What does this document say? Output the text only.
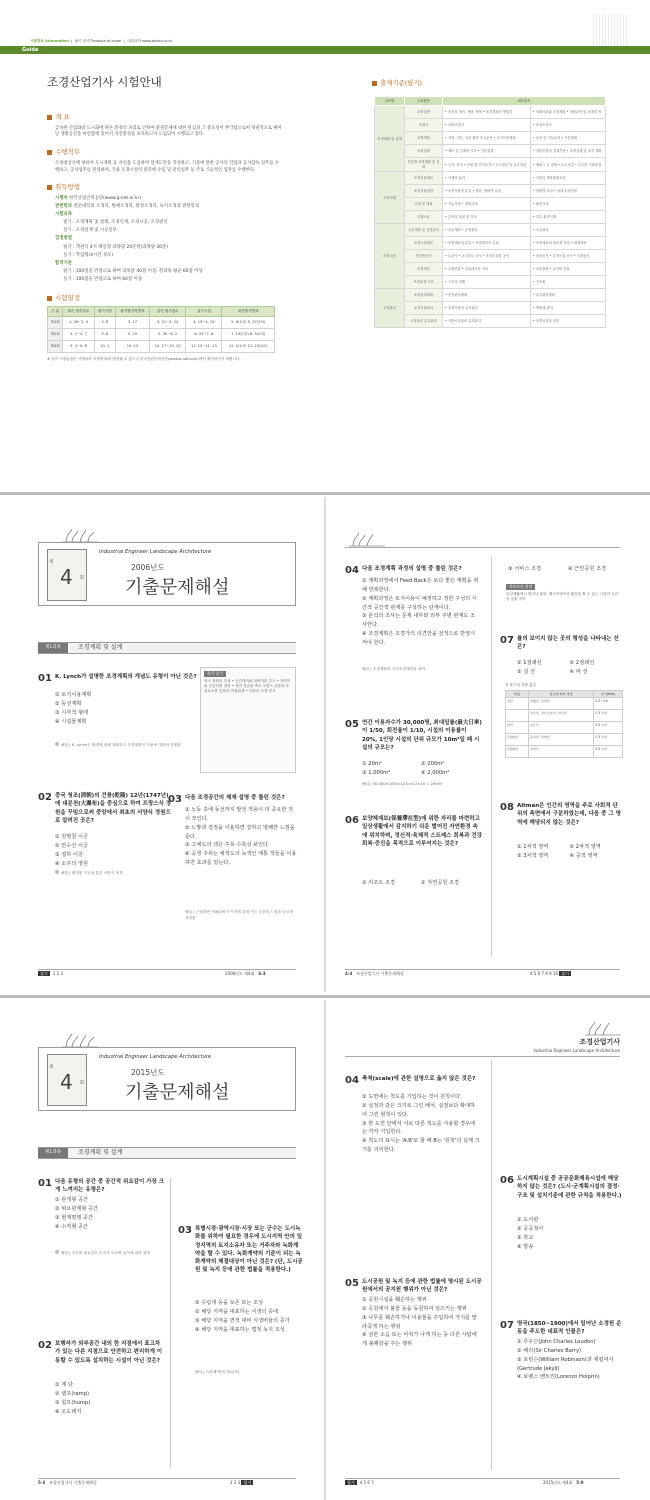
시험정보 Information  |  필기 준비 Tendoce of exam  |  내실의학 www.ebaky.co.kr
Guide
조경산업기사 시험안내
개 요
급속한 산업화와 도시화에 따른 환경의 파괴로 인하여 환경문제에 대한 관심과 그 중요성이 부각됨으로써 경관적으로 뛰어난 생활공간을 마련함에 있어서 자연환경을 보호하고자 도입되어 시행되고 있다.
수행직무
조경대상지에 대하여 도시계획 등 자연을 도입하며 설계도면을 작성하고, 식물에 관한 공사의 작업과 공사감독 업무를 수행하고, 공사업무를 관리하며, 각종 조경시설의 관리에 수립 및 관리업무 등 주로 기술적인 업무를 수행한다.
취득방법
시행처 한국산업인력공단(www.q-net.or.kr)
관련학과 전문대학의 조경학, 원예조경학, 환경조경학, 녹지조경과 관련학과
시험과목
필기 : 조경계획 및 설계, 조경식재, 조경시공, 조경관리
실기 : 조경설계 및 시공실무
검정방법
필기 : 객관식 4지 택일형 과목당 20문항(과목당 30분)
실기 : 작업형(4시간 정도)
합격기준
필기 : 100점을 만점으로 하여 과목당 40점 이상, 전과목 평균 60점 이상
실기 : 100점을 만점으로 하여 60점 이상
시험일정
구 분	필기 원서접수	필기시험	필기합격자발표	실기 원서접수	실기시험	최종합격발표
제1회	1. 28~2. 4	3. 6	3. 17	3. 21~3. 24	4. 19~4. 29	5. 6(1차) 5. 27(2차)
제2회	4. 1~4. 7	5. 8	5. 19	5. 30~6. 2	6. 25~7. 8	7. 15(1차) 8. 5(2차)
제4회	9. 2~9. 8	10. 1	10. 13	10. 17~10. 20	11. 12~11. 23	12. 2(1차) 12. 23(2차)
※ 상기 시험일정은 시행처의 사정에 따라 변경될 수 있으니 한국산업인력공단(www.q-net.or.kr)에서 확인하시기 바랍니다.
출제기준(필기)
과목명	주요항목	세부항목	
조경계획 및 설계	조경일반	• 조경의 정의, 개념, 영역 • 조경계획의 방법론	• 미래사회와 조경계획 • 정원분야 및 조경의 방
	조경사	• 서양조경사	• 동양조경사
	조경계획	• 자연, 인문, 사회 환경 조사분석 • 토지이용계획	• 동선 및 기능분석 • 기본계획
	조경설계	• 제도 및 설계의 기초 • 기본설계	• 경관조경의 설계기법 • 조경설계 및 조경 계획
	부문별 조경계획 및 설계	• 주거, 단지 • 공원 및 여가공간 • 도시경관 및 특수경관	• 캠퍼스 등 광장 • 도로조경 • 특수한 기타조경
조경식재	조경식물재료	• 식재의 효과	• 식물과 생육환경조건
	조경식물일반	• 조경식물의 분류 • 생리, 생태적 특성	• 형태적 특성 • 실내 조경식물
	식재 및 계획	• 기능식재 • 경관식재	• 환경식재
	식재시공	• 수목의 굴취 및 이식	• 특수 환경식재
조경시공	시공계획 및 공정관리	• 시공계획 • 공정관리	• 시공관리
	조경시설재료	• 조경재료의 분류 • 조경재료의 특성	• 조경재료의 물리적 성질 • 원예재료
	부문별공사	• 토공사 • 콘크리트 공사 • 조경시설물 공사	• 포장공사 • 수경시설 공사 • 식재공사
	조경적산	• 수량산출 • 일위대가표 작성	• 표준품셈 • 공사비 산출
	조경공정 구조	• 구조의 이해	• 구조물
조경관리	조경관리계획	• 운영관리계획	• 유지관리계획
	조경식물관리	• 조경식물의 유지관리	• 병충해 관리
	시설물의 유지관리	• 기반시설물의 유지관리	• 조경시설물 관리
제
4 회
Industrial Engineer Landscape Architecture
2006년도
기출문제해설
제1과목	조경계획 및 설계
01 K. Lynch가 설명한 조경계획의 개념도 유형이 아닌 것은?
① 토지이용계획
② 동선계획
③ 시각적 형태
④ 시설물계획
해설 | K. Lynch는 환경에 대해 계획하고 조경계획이 이용에 대하여 설명함
형식 알기
중국 정원의 특성 • 공간대비와 대비미를 추구 • 자연미와 인공미를 겸비 • 자연 경관을 축소 모방 • 건물과 조경요소를 통합한 비례관계 • 다양한 조경 양식
02 중국 청조(淸朝)의 건륭(乾隆) 12년(1747년)에 대분천(大瀑布)을 중심으로 하여 프랑스식 정원을 꾸밈으로써 중앙에서 최초의 서양식 정원으로 알려진 곳은?
① 원명원 이궁
② 만수산 이궁
③ 열하 이궁
④ 소주의 영원
해설 | 원명원 이궁을 통한 서양식 조경
03 다음 조경공간의 체제 설명 중 틀린 것은?
① 노동 측에 동선까지 발전 적용이 더 중요한 것이 모인다.
② 노랗과 검정을 이용하면 강하고 명쾌한 느낌을 준다.
③ 고채도의 색은 주목·수축성 보인다.
④ 공생 주위는 채색도의 녹색인 계통 색들을 이용하면 효과를 얻는다.
해설 | 근접하면 색채대비가 커지게 되며 이는 공간의 느낌을 다르게 표현함
필기 1 2 3	2006년도 제4회 4-3
04 다음 조경계획 과정의 설명 중 틀린 것은?
① 계획과정에서 Feed Back은 보다 좋은 계획을 위해 반복한다.
② 계획과정은 토지이용이 예정하고 정한 구성의 시간적 공간적 관계를 구상하는 단계이다.
③ 분석의 조사는 문제 내부와 외부 주변 관계도 조사한다.
④ 조경계획은 조경가의 의견만을 전적으로 반영시켜야 한다.
해설 | 조경계획과 시민조경계획과 참여
05 연간 이용자수가 30,000명, 최대일률(最大日率)이 1/50, 회전율이 1/10, 시설의 이용률이 20%, 1인당 시설의 단위 규모가 10m²일 때 시설의 규모는?
① 20m²	② 200m²
③ 1,000m²	④ 2,000m²
해설 | 30,000×1/50×1/10×0.2×10 = 200m²
06 보양체재보(保養滯在型)에 위한 자리를 마련하고 일상생활에서 감지하기 쉬운 벌어진 자연환경 속에 위치하며, 정신적·육체적 스트레스 회복과 건강 회복·증진을 목적으로 이루어지는 것은?
① 리조트 조경	② 자연공원 조경
③ 서비스 조경	④ 근린공원 조경
리조트의 정의
일상생활에서 벗어나 휴양, 레크리에이션 활동을 할 수 있는 시설과 공간을 갖춘 지역
07 률의 보이지 않는 곳의 형성을 나타내는 선은?
① 1점쇄선	② 2점쇄선
③ 실 선	④ 파 선
선 용도의 적용 분류
명칭	용도에 따른 명칭	굵기(mm)
실선	외형선, 단면선	0.3~0.8
	치수선, 치수보조선, 지시선	0.3 이하
파선	숨은선	0.3 이하
1점쇄선	중심선, 경계선	0.3 이하
2점쇄선	가상선	0.3 이하
08 Altman은 인간의 영역을 주로 사회적 단위의 측면에서 구분하였는데, 다음 중 그 영역에 해당되지 않는 것은?
① 1차적 영역	② 2차적 영역
③ 3차적 영역	④ 공적 영역
4-4 조경산업기사 기출문제해설	4 5 6 7 8 9 10 필기
제
4 회
Industrial Engineer Landscape Architecture
2015년도
기출문제해설
제1과목	조경계획 및 설계
01 다음 유형의 공간 중 공간적 위요감이 가장 크게 느껴지는 유형은?
① 관개형 공간
② 위요관계형 공간
③ 현재평행 공간
④ 수직형 공간
해설 | 공간의 위요감은 수직적 요소의 높이에 따라 결정
02 보행자가 외부공간 내의 한 지점에서 표고차가 있는 다른 지점으로 안전하고 편리하게 이동할 수 있도록 설치하는 시설이 아닌 것은?
① 계 단
② 램프(ramp)
③ 험프(hump)
④ 오도레지
03 특별시장·광역시장·시장 또는 군수는 도시녹화를 위하여 필요한 경우에 도시지역 안의 일정지역의 토지소유자 또는 거주자와 녹화계약을 할 수 있다. 녹화계약의 기준이 되는 녹화계약의 체결대상이 아닌 것은? (단, 도시공원 및 녹지 등에 관한 법률을 적용한다.)
① 수림대 등을 보존 또는 조성
② 해당 지역을 대표하는 식생의 증대
③ 해당 지역을 면적 대비 식생비율의 증가
④ 해당 지역을 대표하는 법정 녹지 조성
해설 | 녹화계약(법 제12조)
5-4 조경산업기사 기출문제해설	1 2 3 필기
조경산업기사
Industrial Engineer Landscape Architecture
04 축척(scale)에 관한 설명으로 옳지 않은 것은?
① 도면에는 척도를 기입하는 것이 원칙이다.
② 심정과 같은 크기로 그린 배치, 실정보다 확대하여 그린 현척이 있다.
③ 한 도면 안에서 서로 다른 척도를 사용할 경우에는 각각 기입한다.
④ 척도의 표시는 'A:B'로 할 때 B는 '원척'의 실제 크기를 의미한다.
05 도시공원 및 녹지 등에 관한 법률에 명시된 도시공원에서의 공지원 행위가 아닌 것은?
① 공원시설을 훼손하는 행위
② 공원에서 불꽃 등을 동원하여 일으키는 행위
③ 나무를 훼손하거나 이용물을 주입하여 가지를 말라죽게 하는 행위
④ 심한 소음 또는 악취가 나게 하는 등 다른 사람에게 불쾌감을 주는 행위
06 도시계획시설 중 공공문화체육시설에 해당하지 않는 것은? (도시·군계획시설의 결정·구조 및 설치기준에 관한 규칙을 적용한다.)
① 도서관
② 공공청사
③ 학교
④ 방송
07 영국(1850~1900)에서 일어난 소정원 운동을 주도한 대표적 인물은?
① 루우든(John Charles Loudon)
② 배리(Sir Charles Barry)
③ 로빈슨(William Robinson)과 제킬여사(Gertrude Jekyll)
④ 보렌스 벤트린(Lorenzo Holprin)
필기 4 5 6 7	2015년도 제4회 5-9
